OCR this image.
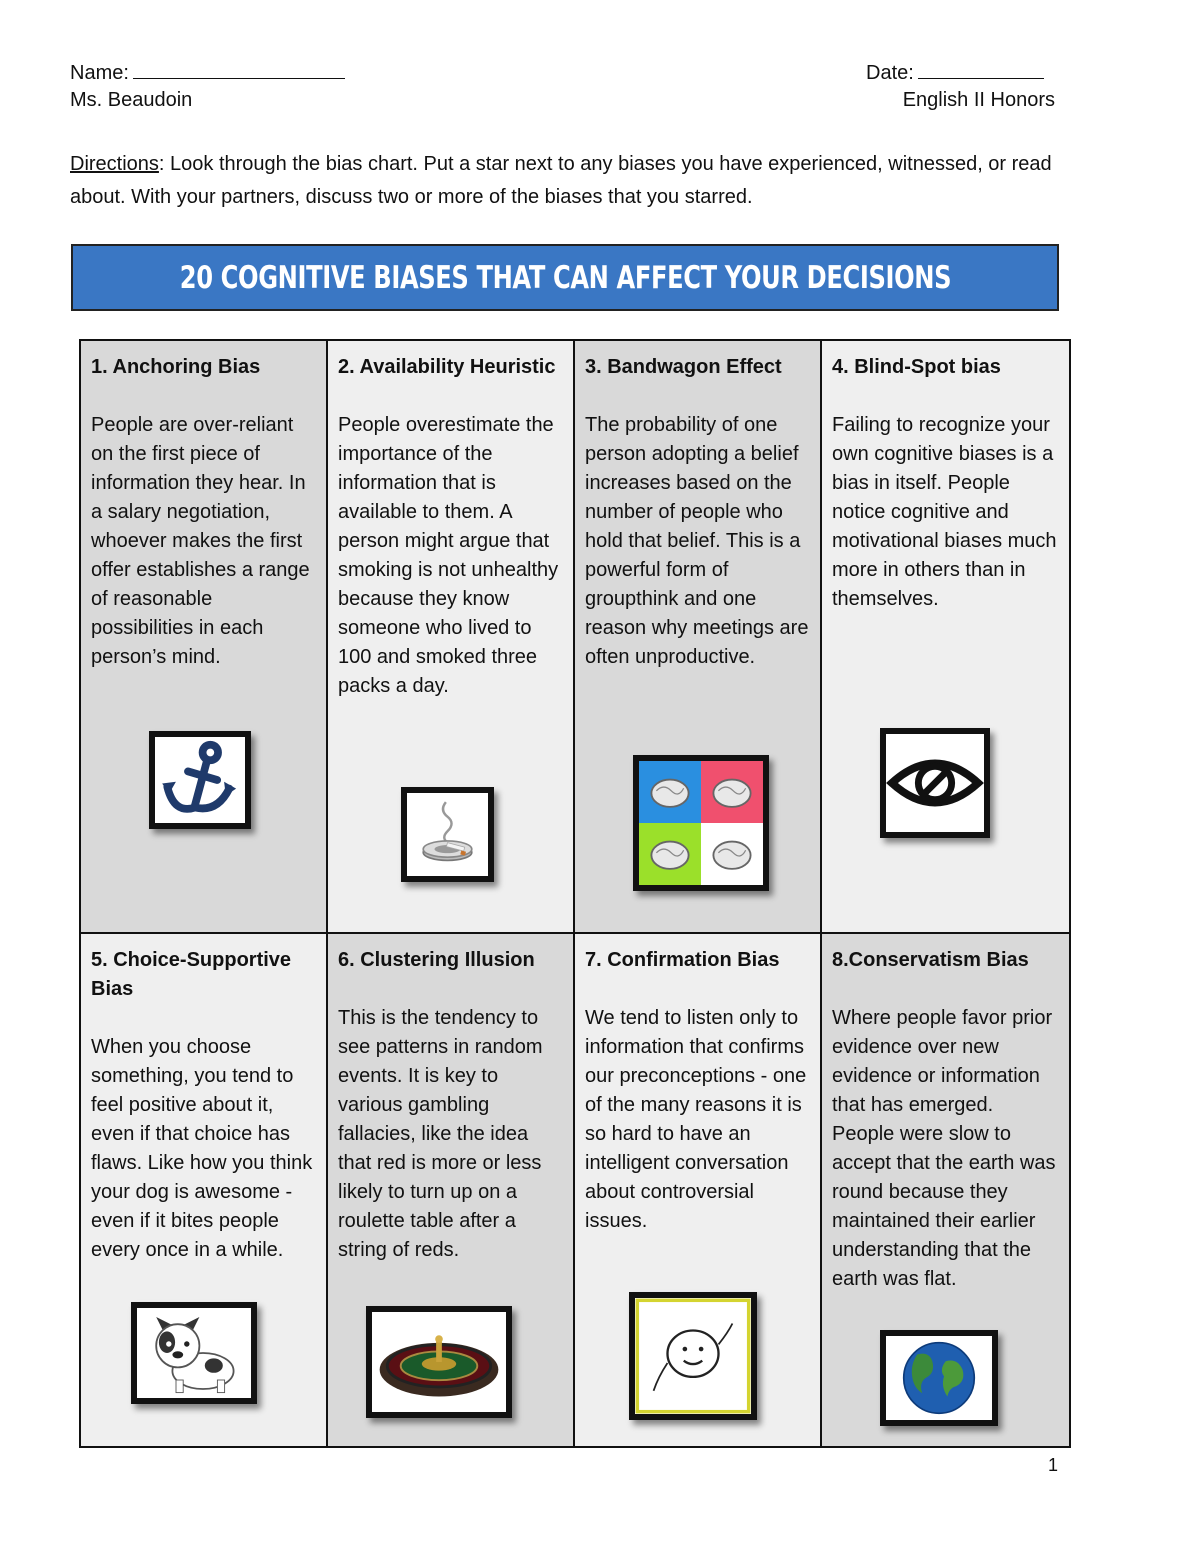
Name:	Date:
Ms. Beaudoin	English II Honors
Directions: Look through the bias chart. Put a star next to any biases you have experienced, witnessed, or read about. With your partners, discuss two or more of the biases that you starred.
20 COGNITIVE BIASES THAT CAN AFFECT YOUR DECISIONS
1. Anchoring Bias

People are over-reliant on the first piece of information they hear. In a salary negotiation, whoever makes the first offer establishes a range of reasonable possibilities in each person’s mind.

2. Availability Heuristic

People overestimate the importance of the information that is available to them. A person might argue that smoking is not unhealthy because they know someone who lived to 100 and smoked three packs a day.

3. Bandwagon Effect

The probability of one person adopting a belief increases based on the number of people who hold that belief. This is a powerful form of groupthink and one reason why meetings are often unproductive.

4. Blind-Spot bias

Failing to recognize your own cognitive biases is a bias in itself. People notice cognitive and motivational biases much more in others than in themselves.

5. Choice-Supportive Bias

When you choose something, you tend to feel positive about it, even if that choice has flaws. Like how you think your dog is awesome - even if it bites people every once in a while.

6. Clustering Illusion

This is the tendency to see patterns in random events. It is key to various gambling fallacies, like the idea that red is more or less likely to turn up on a roulette table after a string of reds.

7. Confirmation Bias

We tend to listen only to information that confirms our preconceptions - one of the many reasons it is so hard to have an intelligent conversation about controversial issues.

8.Conservatism Bias

Where people favor prior evidence over new evidence or information that has emerged. People were slow to accept that the earth was round because they maintained their earlier understanding that the earth was flat.

1
